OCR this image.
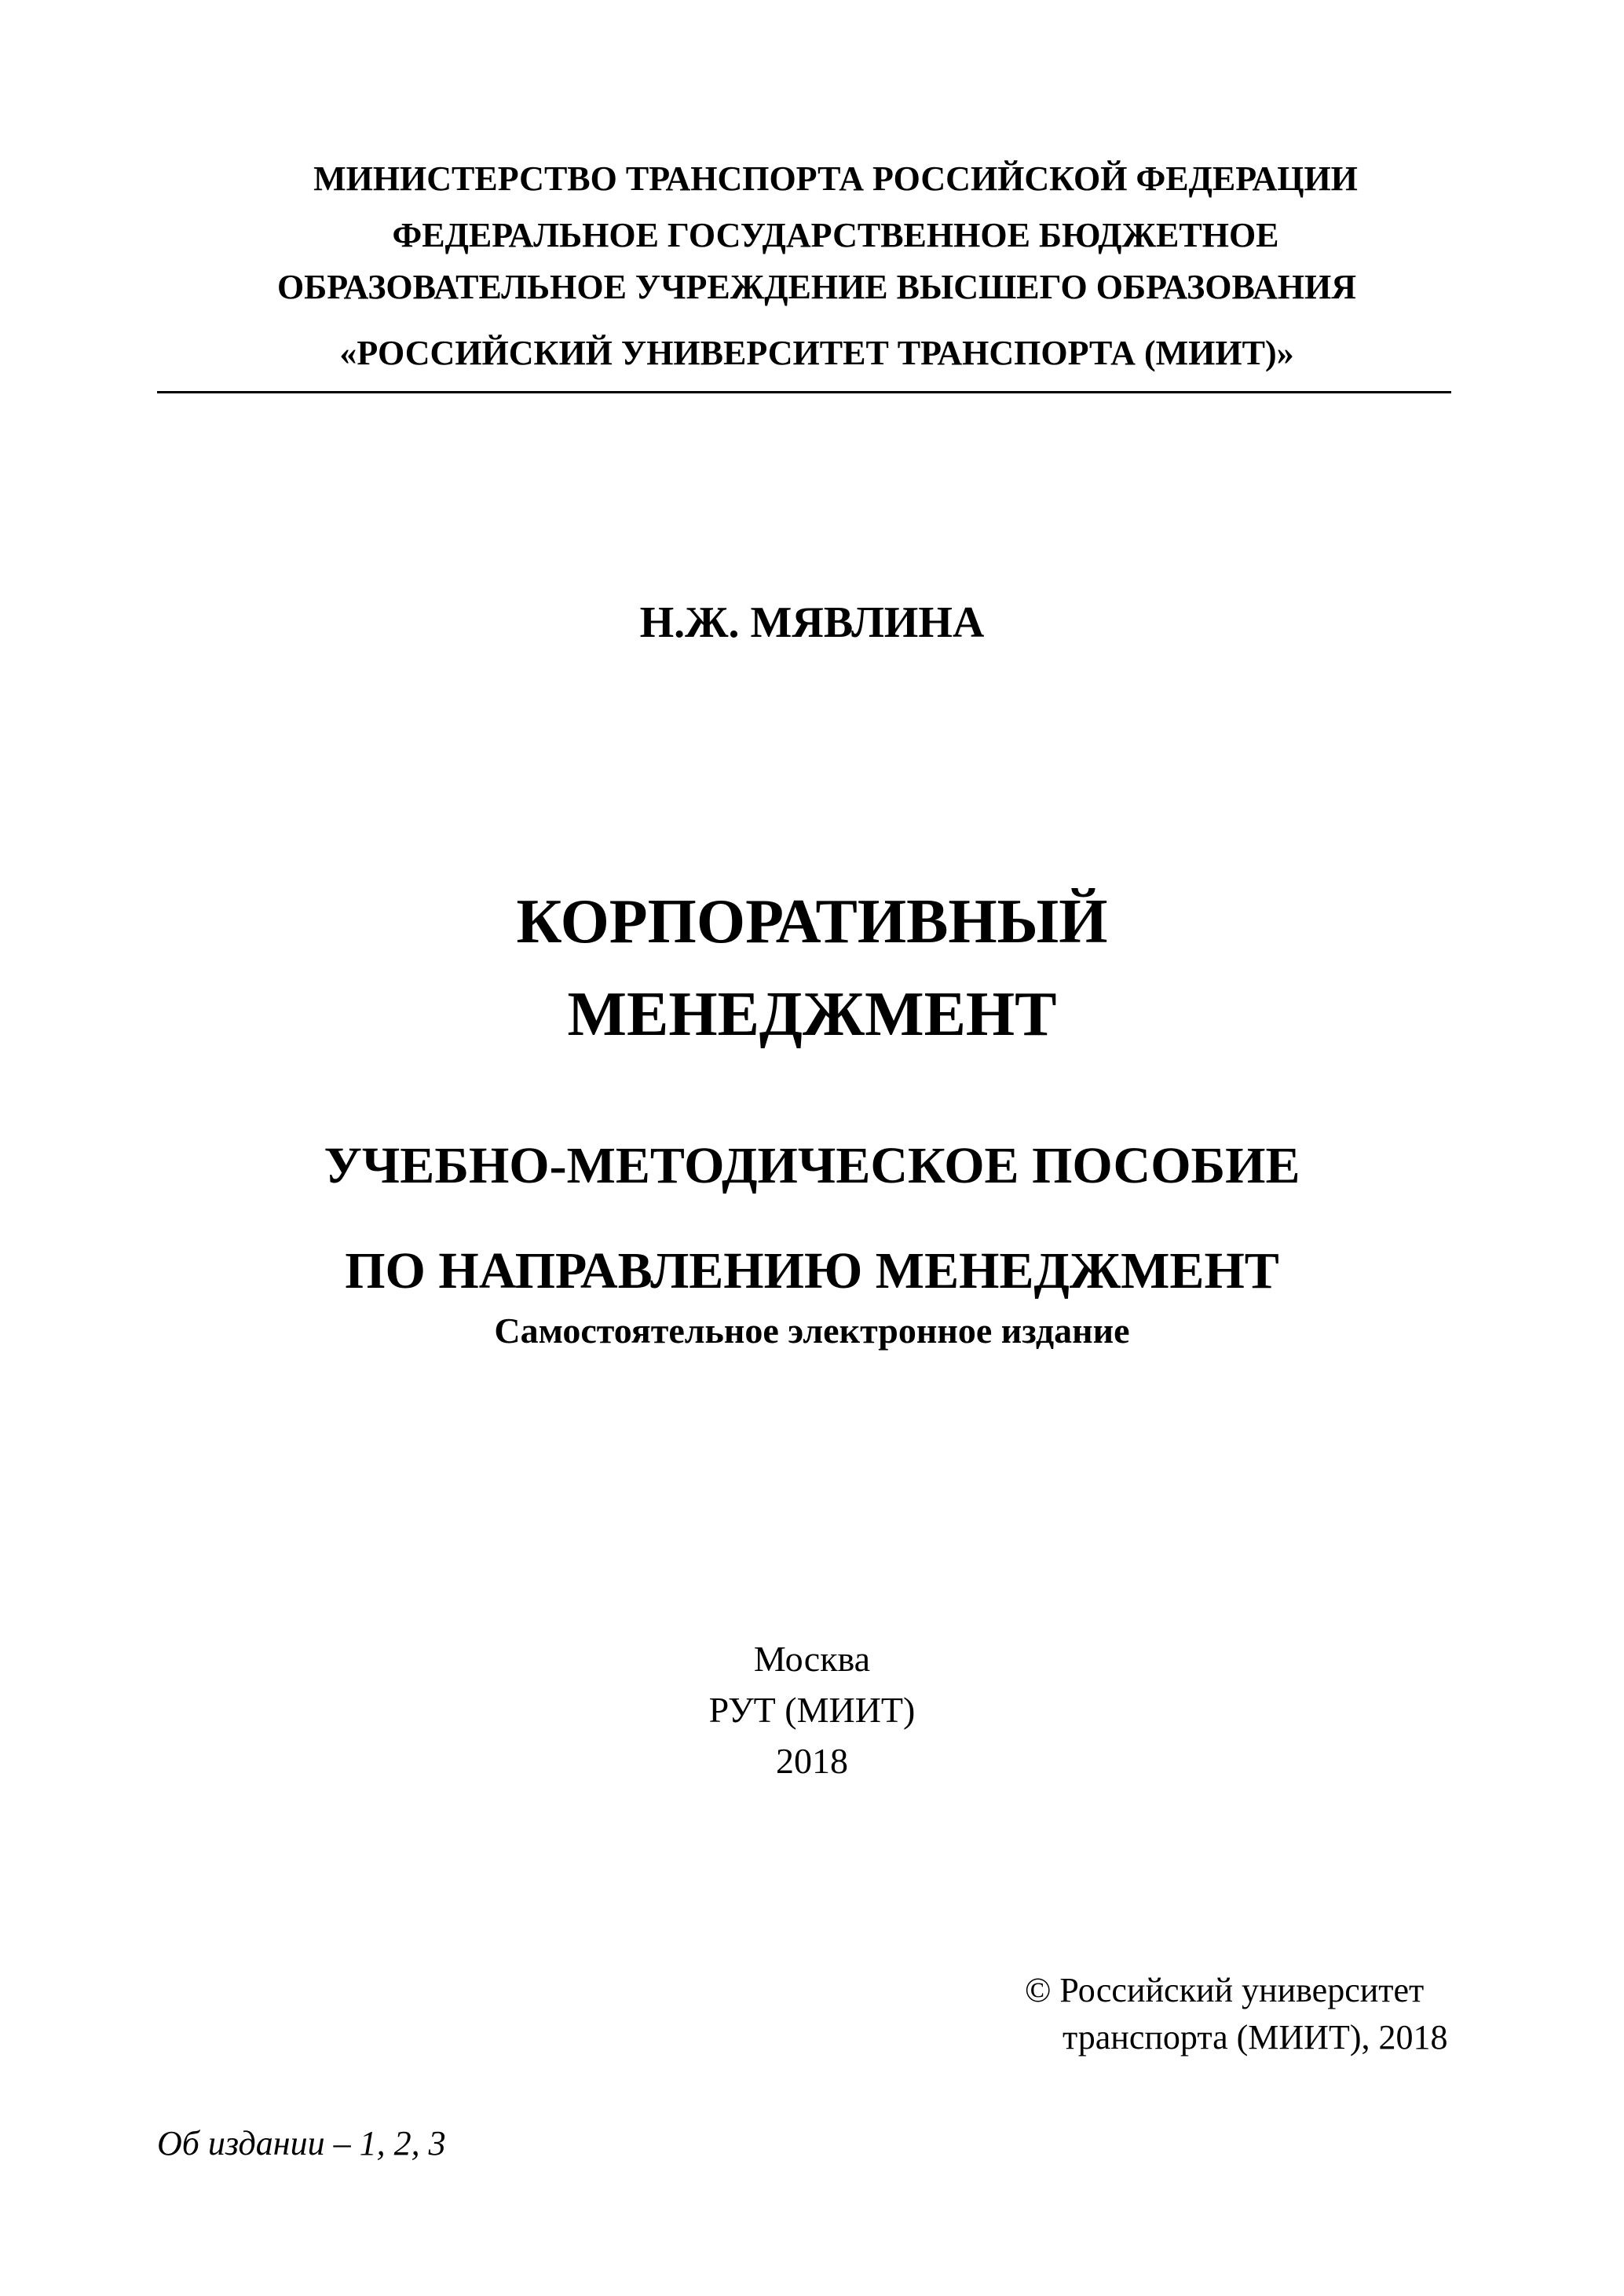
МИНИСТЕРСТВО ТРАНСПОРТА РОССИЙСКОЙ ФЕДЕРАЦИИ
ФЕДЕРАЛЬНОЕ ГОСУДАРСТВЕННОЕ БЮДЖЕТНОЕ
ОБРАЗОВАТЕЛЬНОЕ УЧРЕЖДЕНИЕ ВЫСШЕГО ОБРАЗОВАНИЯ
«РОССИЙСКИЙ УНИВЕРСИТЕТ ТРАНСПОРТА (МИИТ)»
Н.Ж. МЯВЛИНА
КОРПОРАТИВНЫЙ
МЕНЕДЖМЕНТ
УЧЕБНО-МЕТОДИЧЕСКОЕ ПОСОБИЕ
ПО НАПРАВЛЕНИЮ МЕНЕДЖМЕНТ
Самостоятельное электронное издание
Москва
РУТ (МИИТ)
2018
© Российский университет
транспорта (МИИТ), 2018
Об издании – 1, 2, 3
